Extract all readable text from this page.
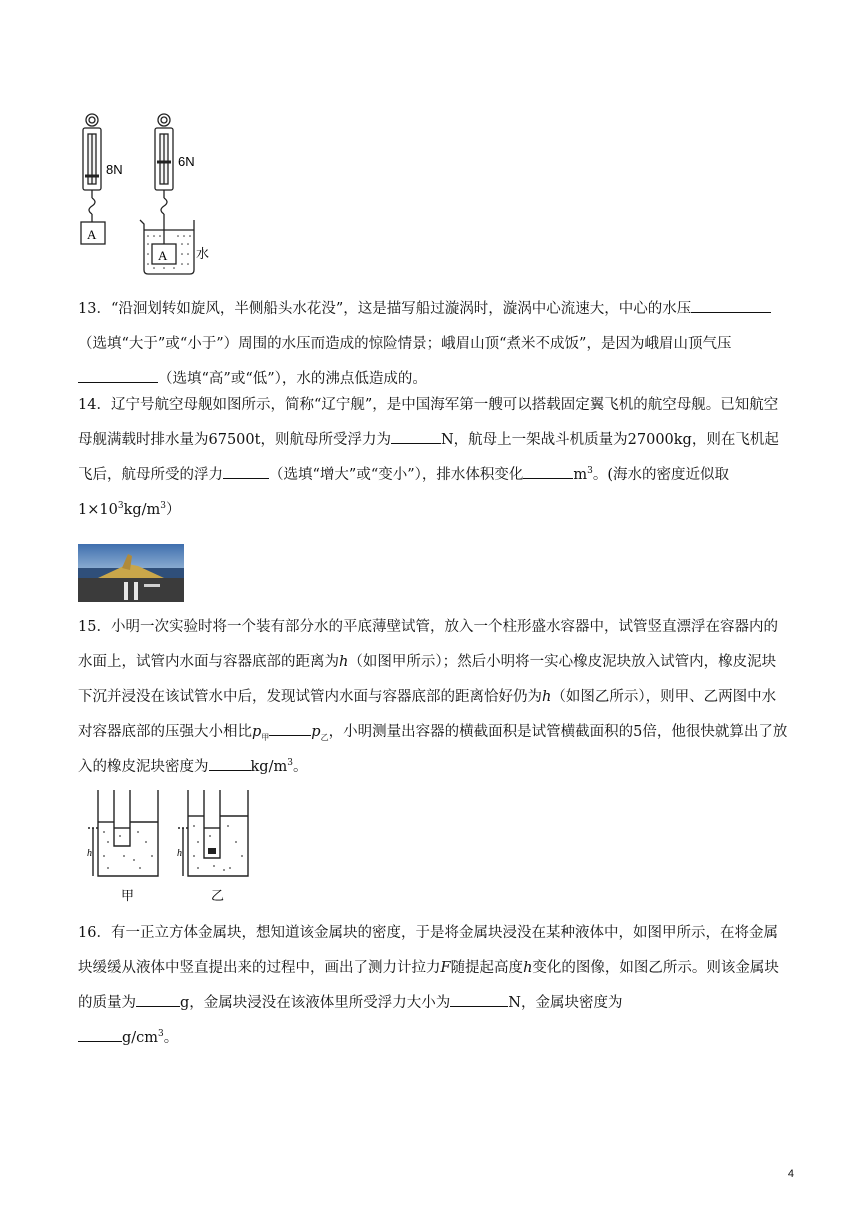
8N
6N
A
A 水

13．“沿洄划转如旋风，半侧船头水花没”，这是描写船过漩涡时，漩涡中心流速大，中心的水压（选填“大于”或“小于”）周围的水压而造成的惊险情景；峨眉山顶“煮米不成饭”，是因为峨眉山顶气压（选填“高”或“低”），水的沸点低造成的。

14．辽宁号航空母舰如图所示，简称“辽宁舰”，是中国海军第一艘可以搭载固定翼飞机的航空母舰。已知航空母舰满载时排水量为67500t，则航母所受浮力为	N，航母上一架战斗机质量为27000kg，则在飞机起飞后，航母所受的浮力	（选填“增大”或“变小”），排水体积变化	$m^3$。(海水的密度近似取 $1\times 10^3kg/m^3$）

15．小明一次实验时将一个装有部分水的平底薄壁试管，放入一个柱形盛水容器中，试管竖直漂浮在容器内的水面上，试管内水面与容器底部的距离为h（如图甲所示）；然后小明将一实心橡皮泥块放入试管内，橡皮泥块下沉并浸没在该试管水中后，发现试管内水面与容器底部的距离恰好仍为h（如图乙所示），则甲、乙两图中水对容器底部的压强大小相比$p_甲$	$p_乙$，小明测量出容器的横截面积是试管横截面积的5倍，他很快就算出了放入的橡皮泥块密度为	$kg/m^3$。

h	h
甲	乙

16．有一正立方体金属块，想知道该金属块的密度，于是将金属块浸没在某种液体中，如图甲所示，在将金属块缓缓从液体中竖直提出来的过程中，画出了测力计拉力F随提起高度h变化的图像，如图乙所示。则该金属块的质量为	g，金属块浸没在该液体里所受浮力大小为	N，金属块密度为
$g/cm^3$。

4
